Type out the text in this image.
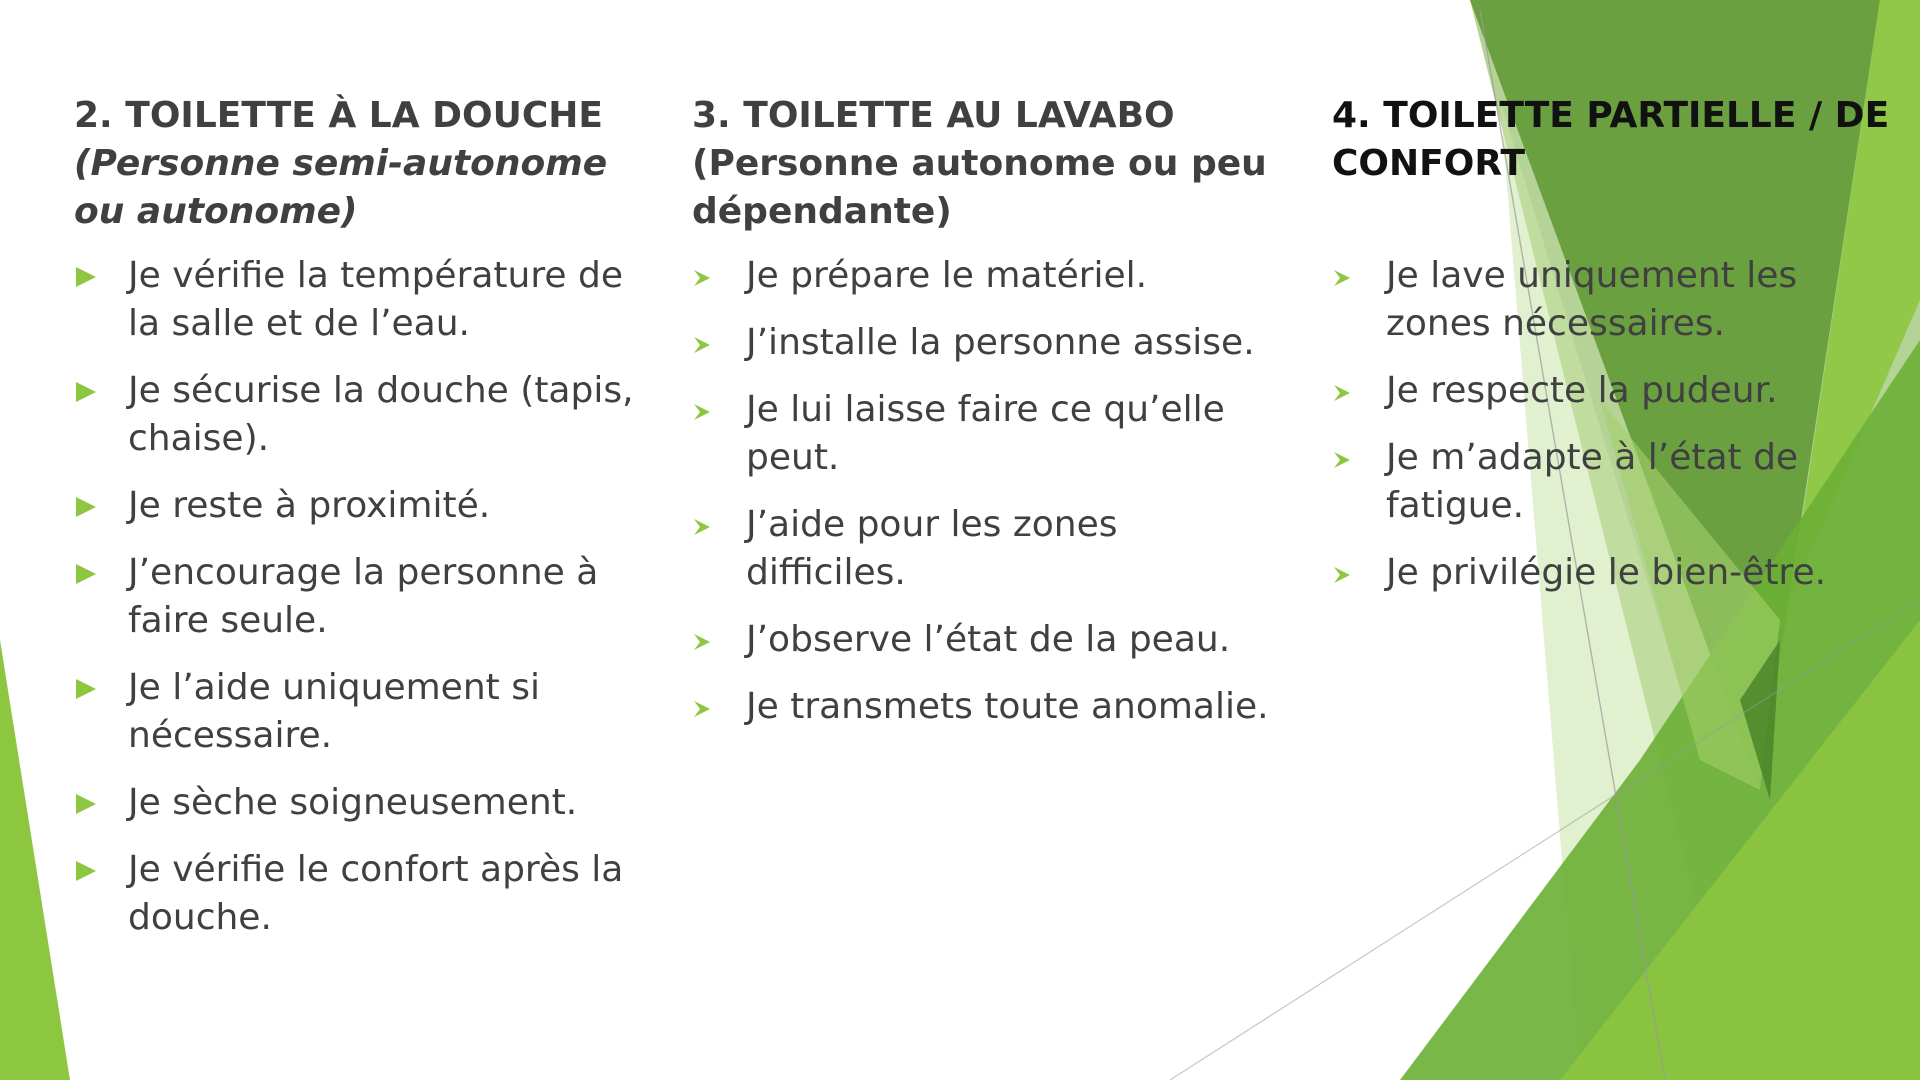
2. TOILETTE À LA DOUCHE
(Personne semi-autonome ou autonome)

Je vérifie la température de la salle et de l’eau.
Je sécurise la douche (tapis, chaise).
Je reste à proximité.
J’encourage la personne à faire seule.
Je l’aide uniquement si nécessaire.
Je sèche soigneusement.
Je vérifie le confort après la douche.

3. TOILETTE AU LAVABO
(Personne autonome ou peu dépendante)

Je prépare le matériel.
J’installe la personne assise.
Je lui laisse faire ce qu’elle peut.
J’aide pour les zones difficiles.
J’observe l’état de la peau.
Je transmets toute anomalie.

4. TOILETTE PARTIELLE / DE CONFORT

Je lave uniquement les zones nécessaires.
Je respecte la pudeur.
Je m’adapte à l’état de fatigue.
Je privilégie le bien-être.
